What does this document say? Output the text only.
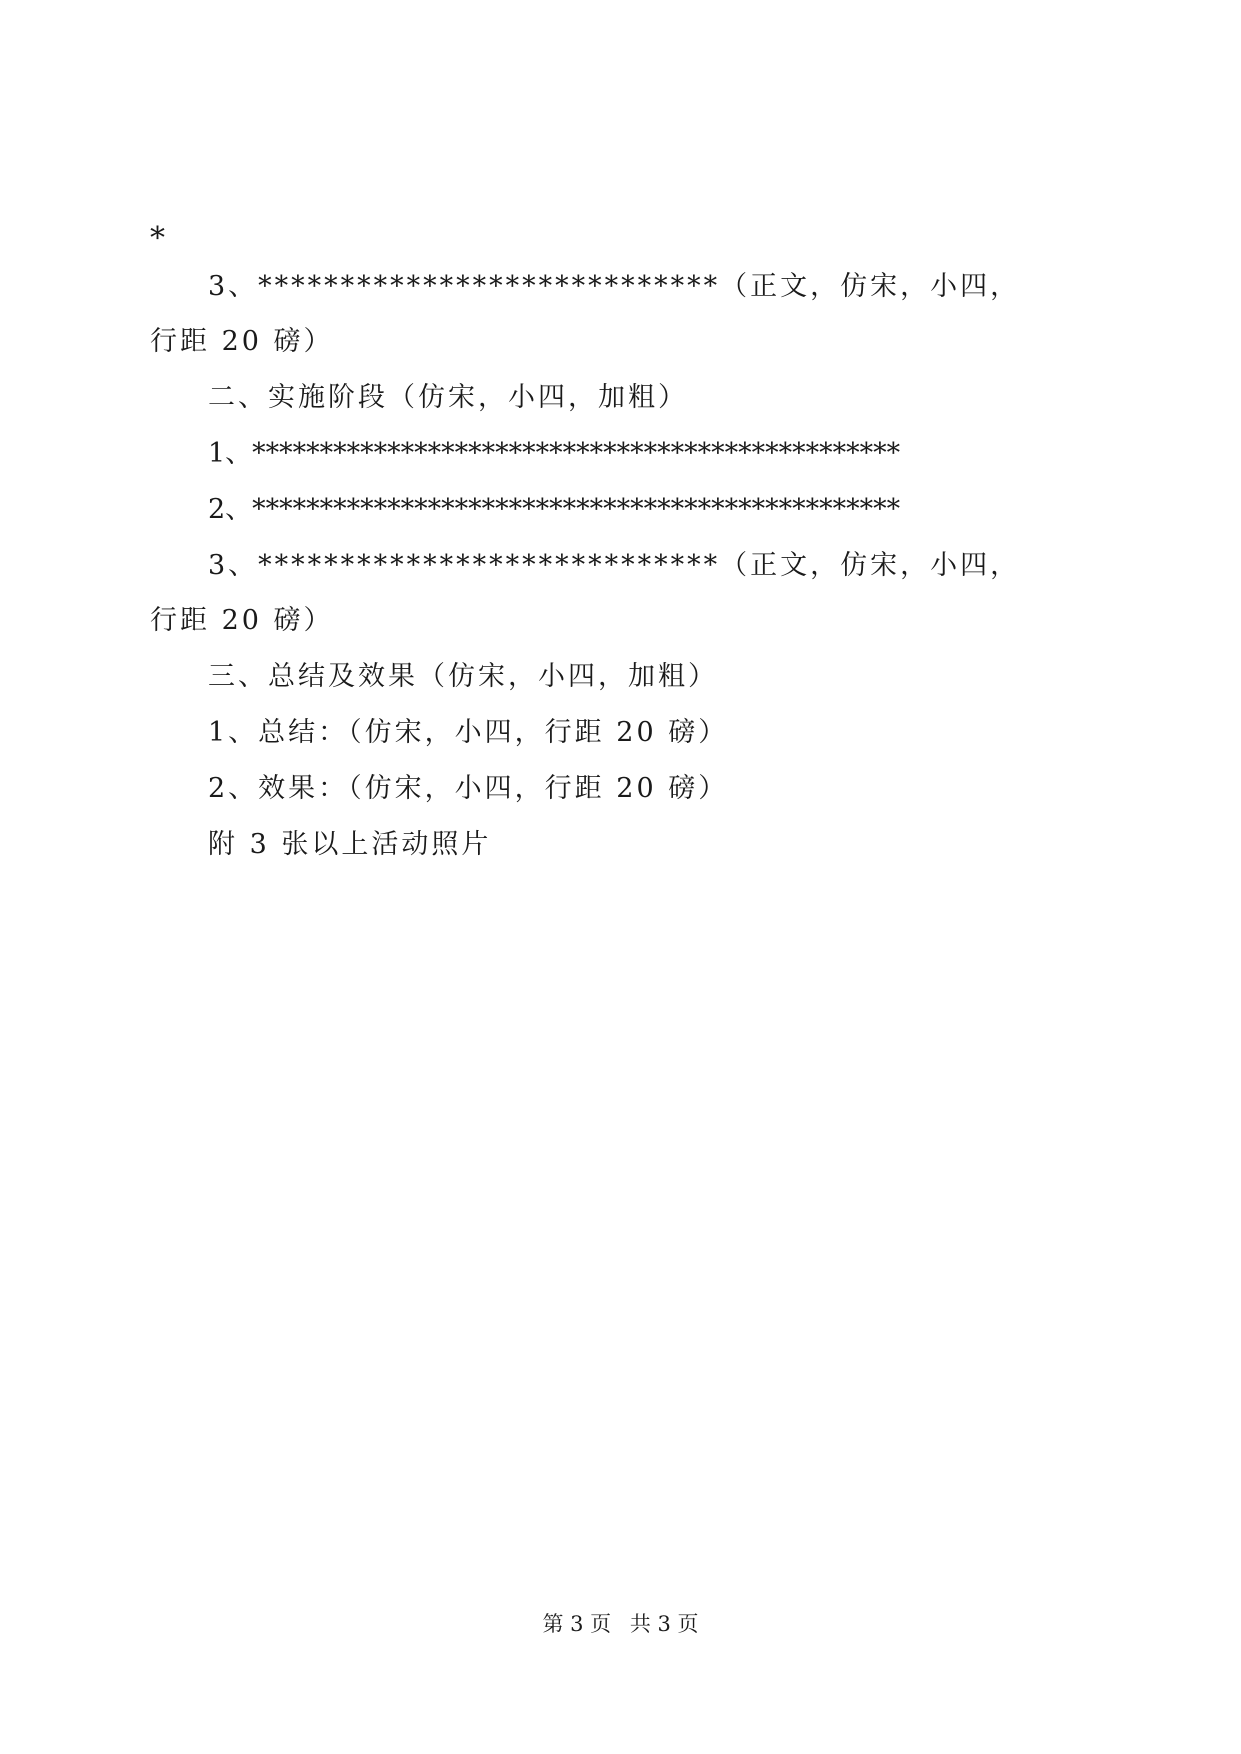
*
3、****************************（正文，仿宋，小四，
行距 20 磅）
二、实施阶段（仿宋，小四，加粗）
1、************************************************
2、************************************************
3、****************************（正文，仿宋，小四，
行距 20 磅）
三、总结及效果（仿宋，小四，加粗）
1、总结：（仿宋，小四，行距 20 磅）
2、效果：（仿宋，小四，行距 20 磅）
附 3 张以上活动照片
第 3 页 共 3 页
